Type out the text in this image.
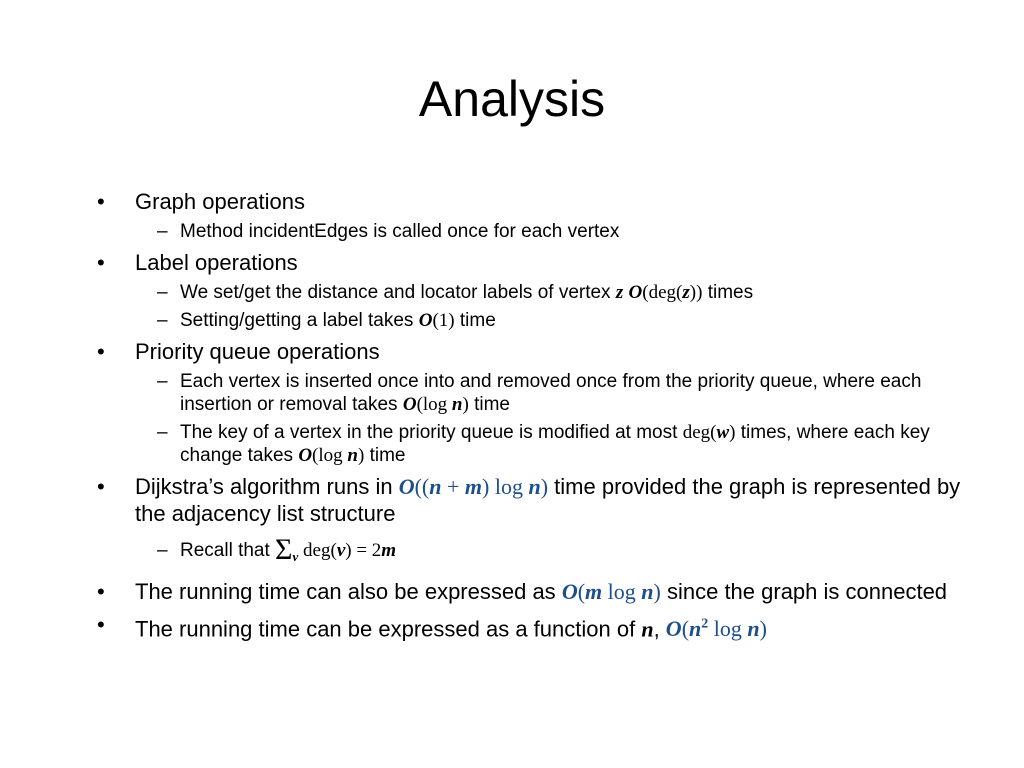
Analysis
• Graph operations
– Method incidentEdges is called once for each vertex
• Label operations
– We set/get the distance and locator labels of vertex z O(deg(z)) times
– Setting/getting a label takes O(1) time
• Priority queue operations
– Each vertex is inserted once into and removed once from the priority queue, where each insertion or removal takes O(log n) time
– The key of a vertex in the priority queue is modified at most deg(w) times, where each key change takes O(log n) time
• Dijkstra’s algorithm runs in O((n + m) log n) time provided the graph is represented by the adjacency list structure
– Recall that $\Sigma_v$ deg(v) = 2m
• The running time can also be expressed as O(m log n) since the graph is connected
• The running time can be expressed as a function of n, $O(n^2$ log n)
